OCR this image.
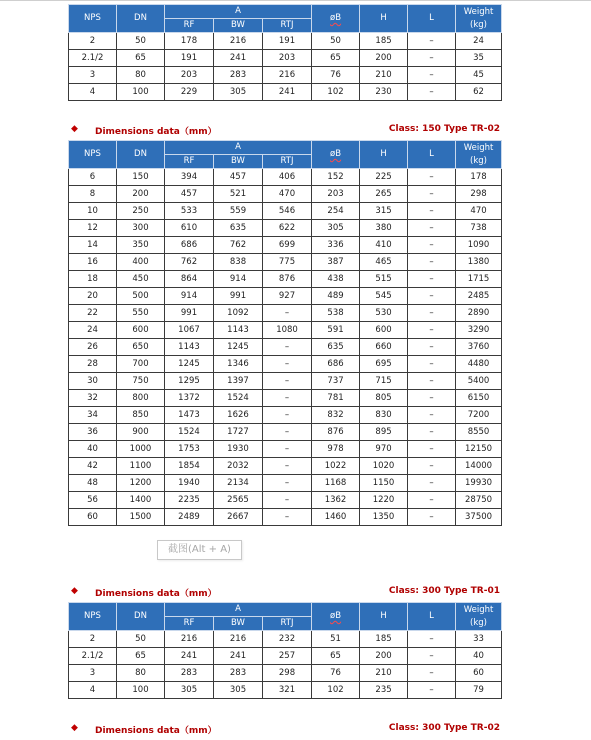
NPS	DN	A			øB	H	L	Weight
(kg)
		RF	BW	RTJ				
2	50	178	216	191	50	185	–	24
2.1/2	65	191	241	203	65	200	–	35
3	80	203	283	216	76	210	–	45
4	100	229	305	241	102	230	–	62
◆ Dimensions data（mm）	Class: 150 Type TR-02
NPS	DN	A			øB	H	L	Weight
(kg)
		RF	BW	RTJ				
6	150	394	457	406	152	225	–	178
8	200	457	521	470	203	265	–	298
10	250	533	559	546	254	315	–	470
12	300	610	635	622	305	380	–	738
14	350	686	762	699	336	410	–	1090
16	400	762	838	775	387	465	–	1380
18	450	864	914	876	438	515	–	1715
20	500	914	991	927	489	545	–	2485
22	550	991	1092	–	538	530	–	2890
24	600	1067	1143	1080	591	600	–	3290
26	650	1143	1245	–	635	660	–	3760
28	700	1245	1346	–	686	695	–	4480
30	750	1295	1397	–	737	715	–	5400
32	800	1372	1524	–	781	805	–	6150
34	850	1473	1626	–	832	830	–	7200
36	900	1524	1727	–	876	895	–	8550
40	1000	1753	1930	–	978	970	–	12150
42	1100	1854	2032	–	1022	1020	–	14000
48	1200	1940	2134	–	1168	1150	–	19930
56	1400	2235	2565	–	1362	1220	–	28750
60	1500	2489	2667	–	1460	1350	–	37500
截图(Alt + A)
◆ Dimensions data（mm）	Class: 300 Type TR-01
NPS	DN	A			øB	H	L	Weight
(kg)
		RF	BW	RTJ				
2	50	216	216	232	51	185	–	33
2.1/2	65	241	241	257	65	200	–	40
3	80	283	283	298	76	210	–	60
4	100	305	305	321	102	235	–	79
◆ Dimensions data（mm）	Class: 300 Type TR-02
